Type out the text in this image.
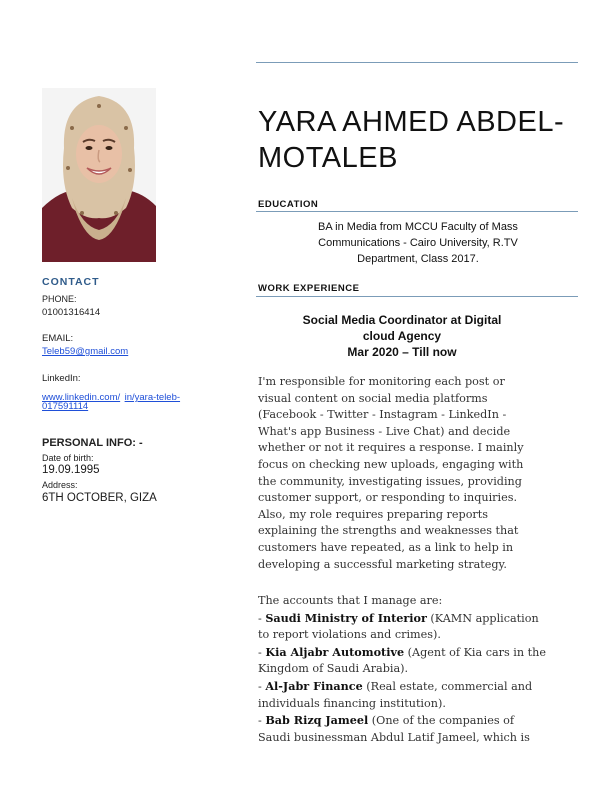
CONTACT
PHONE:
01001316414
EMAIL:
Teleb59@gmail.com
LinkedIn:
www.linkedin.com/ in/yara-teleb-
017591114
PERSONAL INFO: -
Date of birth:
19.09.1995
Address:
6TH OCTOBER, GIZA
YARA AHMED ABDEL-
MOTALEB
EDUCATION
BA in Media from MCCU Faculty of Mass
Communications - Cairo University, R.TV
Department, Class 2017.
WORK EXPERIENCE
Social Media Coordinator at Digital
cloud Agency
Mar 2020 – Till now
I'm responsible for monitoring each post or
visual content on social media platforms
(Facebook - Twitter - Instagram - LinkedIn -
What's app Business - Live Chat) and decide
whether or not it requires a response. I mainly
focus on checking new uploads, engaging with
the community, investigating issues, providing
customer support, or responding to inquiries.
Also, my role requires preparing reports
explaining the strengths and weaknesses that
customers have repeated, as a link to help in
developing a successful marketing strategy.
The accounts that I manage are:
- Saudi Ministry of Interior (KAMN application
to report violations and crimes).
- Kia Aljabr Automotive (Agent of Kia cars in the
Kingdom of Saudi Arabia).
- Al-Jabr Finance (Real estate, commercial and
individuals financing institution).
- Bab Rizq Jameel (One of the companies of
Saudi businessman Abdul Latif Jameel, which is
